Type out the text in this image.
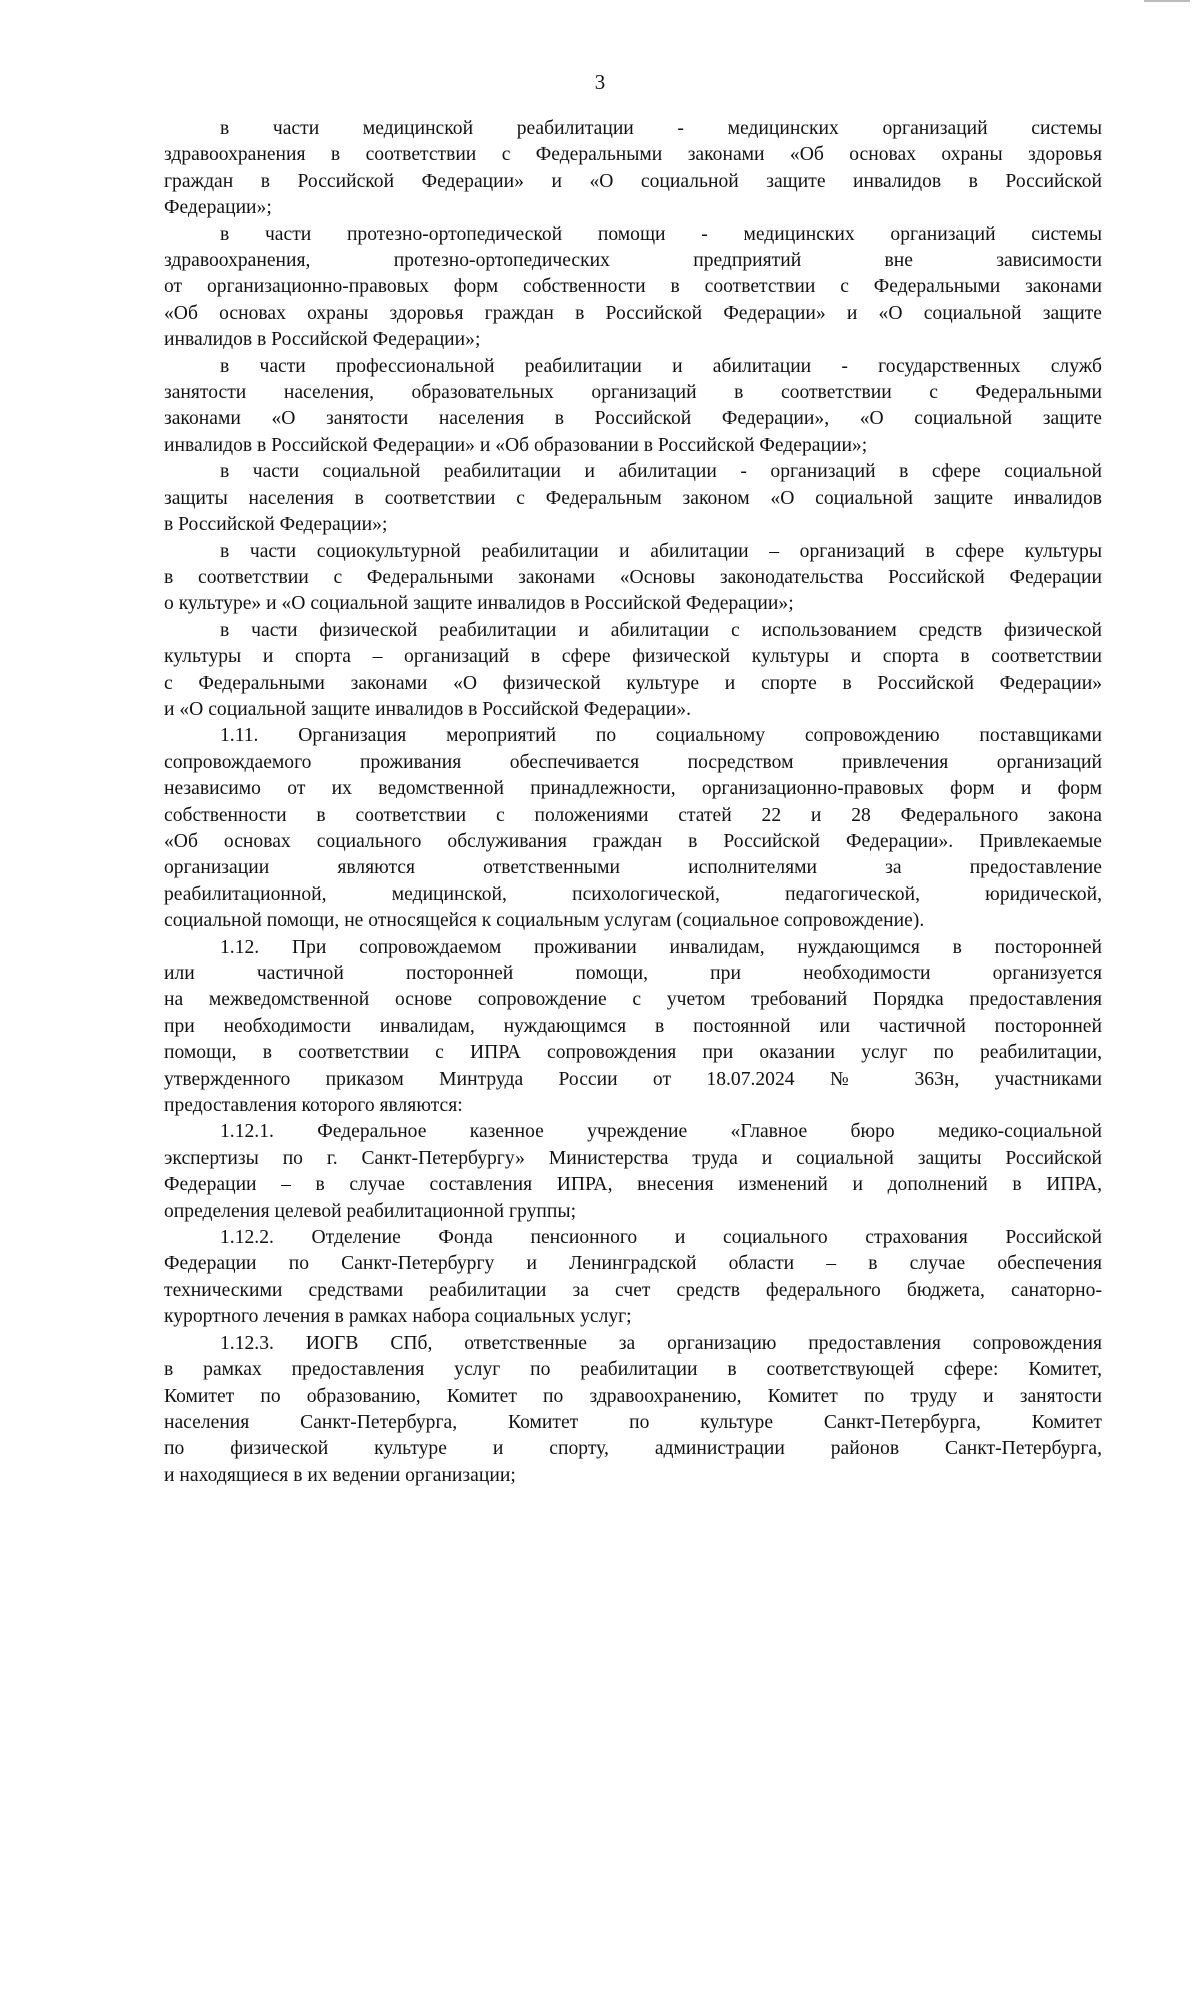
3

в части медицинской реабилитации - медицинских организаций системы
здравоохранения в соответствии с Федеральными законами «Об основах охраны здоровья
граждан в Российской Федерации» и «О социальной защите инвалидов в Российской
Федерации»;

в части протезно-ортопедической помощи - медицинских организаций системы
здравоохранения, протезно-ортопедических предприятий вне зависимости
от организационно-правовых форм собственности в соответствии с Федеральными законами
«Об основах охраны здоровья граждан в Российской Федерации» и «О социальной защите
инвалидов в Российской Федерации»;

в части профессиональной реабилитации и абилитации - государственных служб
занятости населения, образовательных организаций в соответствии с Федеральными
законами «О занятости населения в Российской Федерации», «О социальной защите
инвалидов в Российской Федерации» и «Об образовании в Российской Федерации»;

в части социальной реабилитации и абилитации - организаций в сфере социальной
защиты населения в соответствии с Федеральным законом «О социальной защите инвалидов
в Российской Федерации»;

в части социокультурной реабилитации и абилитации – организаций в сфере культуры
в соответствии с Федеральными законами «Основы законодательства Российской Федерации
о культуре» и «О социальной защите инвалидов в Российской Федерации»;

в части физической реабилитации и абилитации с использованием средств физической
культуры и спорта – организаций в сфере физической культуры и спорта в соответствии
с Федеральными законами «О физической культуре и спорте в Российской Федерации»
и «О социальной защите инвалидов в Российской Федерации».

1.11. Организация мероприятий по социальному сопровождению поставщиками
сопровождаемого проживания обеспечивается посредством привлечения организаций
независимо от их ведомственной принадлежности, организационно-правовых форм и форм
собственности в соответствии с положениями статей 22 и 28 Федерального закона
«Об основах социального обслуживания граждан в Российской Федерации». Привлекаемые
организации являются ответственными исполнителями за предоставление
реабилитационной, медицинской, психологической, педагогической, юридической,
социальной помощи, не относящейся к социальным услугам (социальное сопровождение).

1.12. При сопровождаемом проживании инвалидам, нуждающимся в посторонней
или частичной посторонней помощи, при необходимости организуется
на межведомственной основе сопровождение с учетом требований Порядка предоставления
при необходимости инвалидам, нуждающимся в постоянной или частичной посторонней
помощи, в соответствии с ИПРА сопровождения при оказании услуг по реабилитации,
утвержденного приказом Минтруда России от 18.07.2024 № 363н, участниками
предоставления которого являются:

1.12.1. Федеральное казенное учреждение «Главное бюро медико-социальной
экспертизы по г. Санкт-Петербургу» Министерства труда и социальной защиты Российской
Федерации – в случае составления ИПРА, внесения изменений и дополнений в ИПРА,
определения целевой реабилитационной группы;

1.12.2. Отделение Фонда пенсионного и социального страхования Российской
Федерации по Санкт-Петербургу и Ленинградской области – в случае обеспечения
техническими средствами реабилитации за счет средств федерального бюджета, санаторно-
курортного лечения в рамках набора социальных услуг;

1.12.3. ИОГВ СПб, ответственные за организацию предоставления сопровождения
в рамках предоставления услуг по реабилитации в соответствующей сфере: Комитет,
Комитет по образованию, Комитет по здравоохранению, Комитет по труду и занятости
населения Санкт-Петербурга, Комитет по культуре Санкт-Петербурга, Комитет
по физической культуре и спорту, администрации районов Санкт-Петербурга,
и находящиеся в их ведении организации;
